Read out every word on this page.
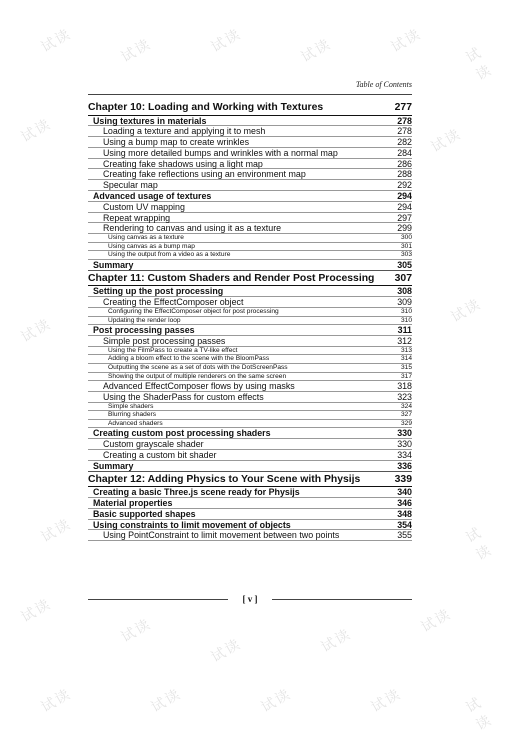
试读	试读	试读	试读	试读	试读
试读	试读
试读
试读
试读
试读	试读
试读
试读
试读	试读	试读	试读	试读
试读
试读
Table of Contents
Chapter 10: Loading and Working with Textures	277
Using textures in materials	278
Loading a texture and applying it to mesh	278
Using a bump map to create wrinkles	282
Using more detailed bumps and wrinkles with a normal map	284
Creating fake shadows using a light map	286
Creating fake reflections using an environment map	288
Specular map	292
Advanced usage of textures	294
Custom UV mapping	294
Repeat wrapping	297
Rendering to canvas and using it as a texture	299
Using canvas as a texture	300
Using canvas as a bump map	301
Using the output from a video as a texture	303
Summary	305
Chapter 11: Custom Shaders and Render Post Processing 307
Setting up the post processing	308
Creating the EffectComposer object	309
Configuring the EffectComposer object for post processing	310
Updating the render loop	310
Post processing passes	311
Simple post processing passes	312
Using the FilmPass to create a TV-like effect	313
Adding a bloom effect to the scene with the BloomPass	314
Outputting the scene as a set of dots with the DotScreenPass	315
Showing the output of multiple renderers on the same screen	317
Advanced EffectComposer flows by using masks	318
Using the ShaderPass for custom effects	323
Simple shaders	324
Blurring shaders	327
Advanced shaders	329
Creating custom post processing shaders	330
Custom grayscale shader	330
Creating a custom bit shader	334
Summary	336
Chapter 12: Adding Physics to Your Scene with Physijs	339
Creating a basic Three.js scene ready for Physijs	340
Material properties	346
Basic supported shapes	348
Using constraints to limit movement of objects	354
Using PointConstraint to limit movement between two points	355
[ v ]
